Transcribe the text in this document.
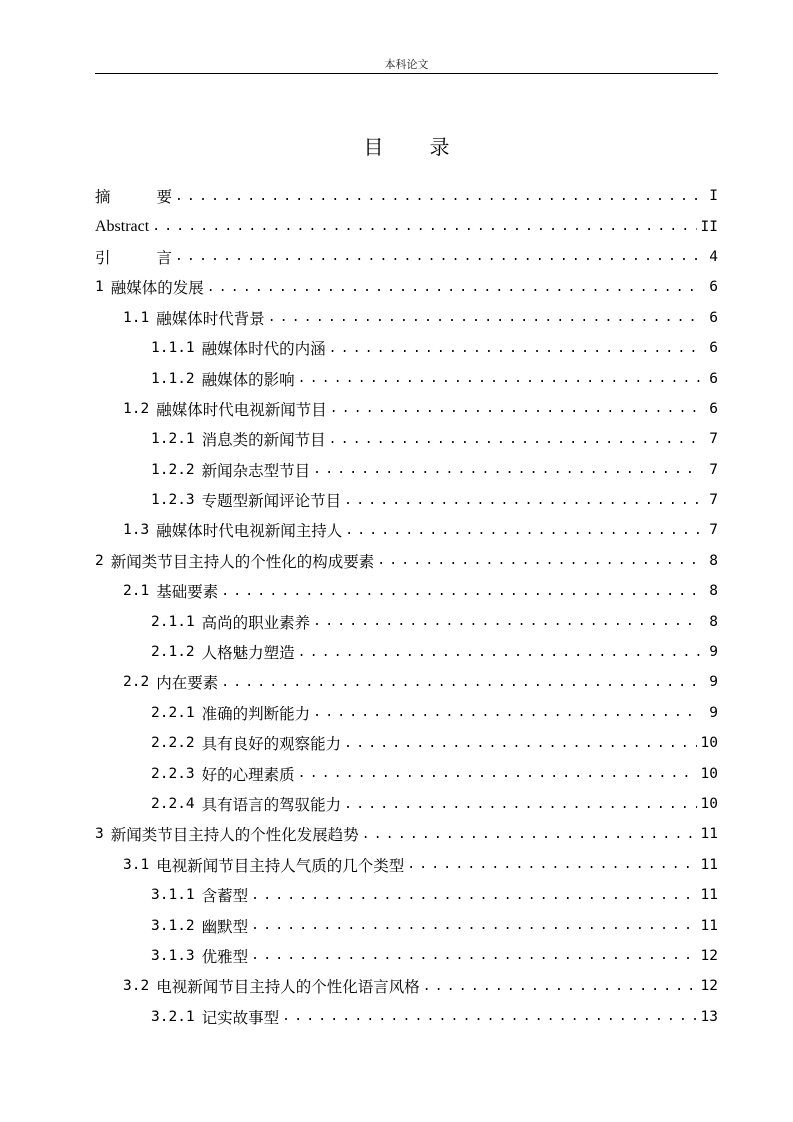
本科论文
目 录
摘	要 .....	I
Abstract .....	II
引	言 .....	4
1 融媒体的发展 .....	6
1.1 融媒体时代背景 .....	6
1.1.1 融媒体时代的内涵 .....	6
1.1.2 融媒体的影响 .....	6
1.2 融媒体时代电视新闻节目 .....	6
1.2.1 消息类的新闻节目 .....	7
1.2.2 新闻杂志型节目 .....	7
1.2.3 专题型新闻评论节目 .....	7
1.3 融媒体时代电视新闻主持人 .....	7
2 新闻类节目主持人的个性化的构成要素 .....	8
2.1 基础要素 .....	8
2.1.1 高尚的职业素养 .....	8
2.1.2 人格魅力塑造 .....	9
2.2 内在要素 .....	9
2.2.1 准确的判断能力 .....	9
2.2.2 具有良好的观察能力 .....	10
2.2.3 好的心理素质 .....	10
2.2.4 具有语言的驾驭能力 .....	10
3 新闻类节目主持人的个性化发展趋势 .....	11
3.1 电视新闻节目主持人气质的几个类型 .....	11
3.1.1 含蓄型 .....	11
3.1.2 幽默型 .....	11
3.1.3 优雅型 .....	12
3.2 电视新闻节目主持人的个性化语言风格 .....	12
3.2.1 记实故事型 .....	13
